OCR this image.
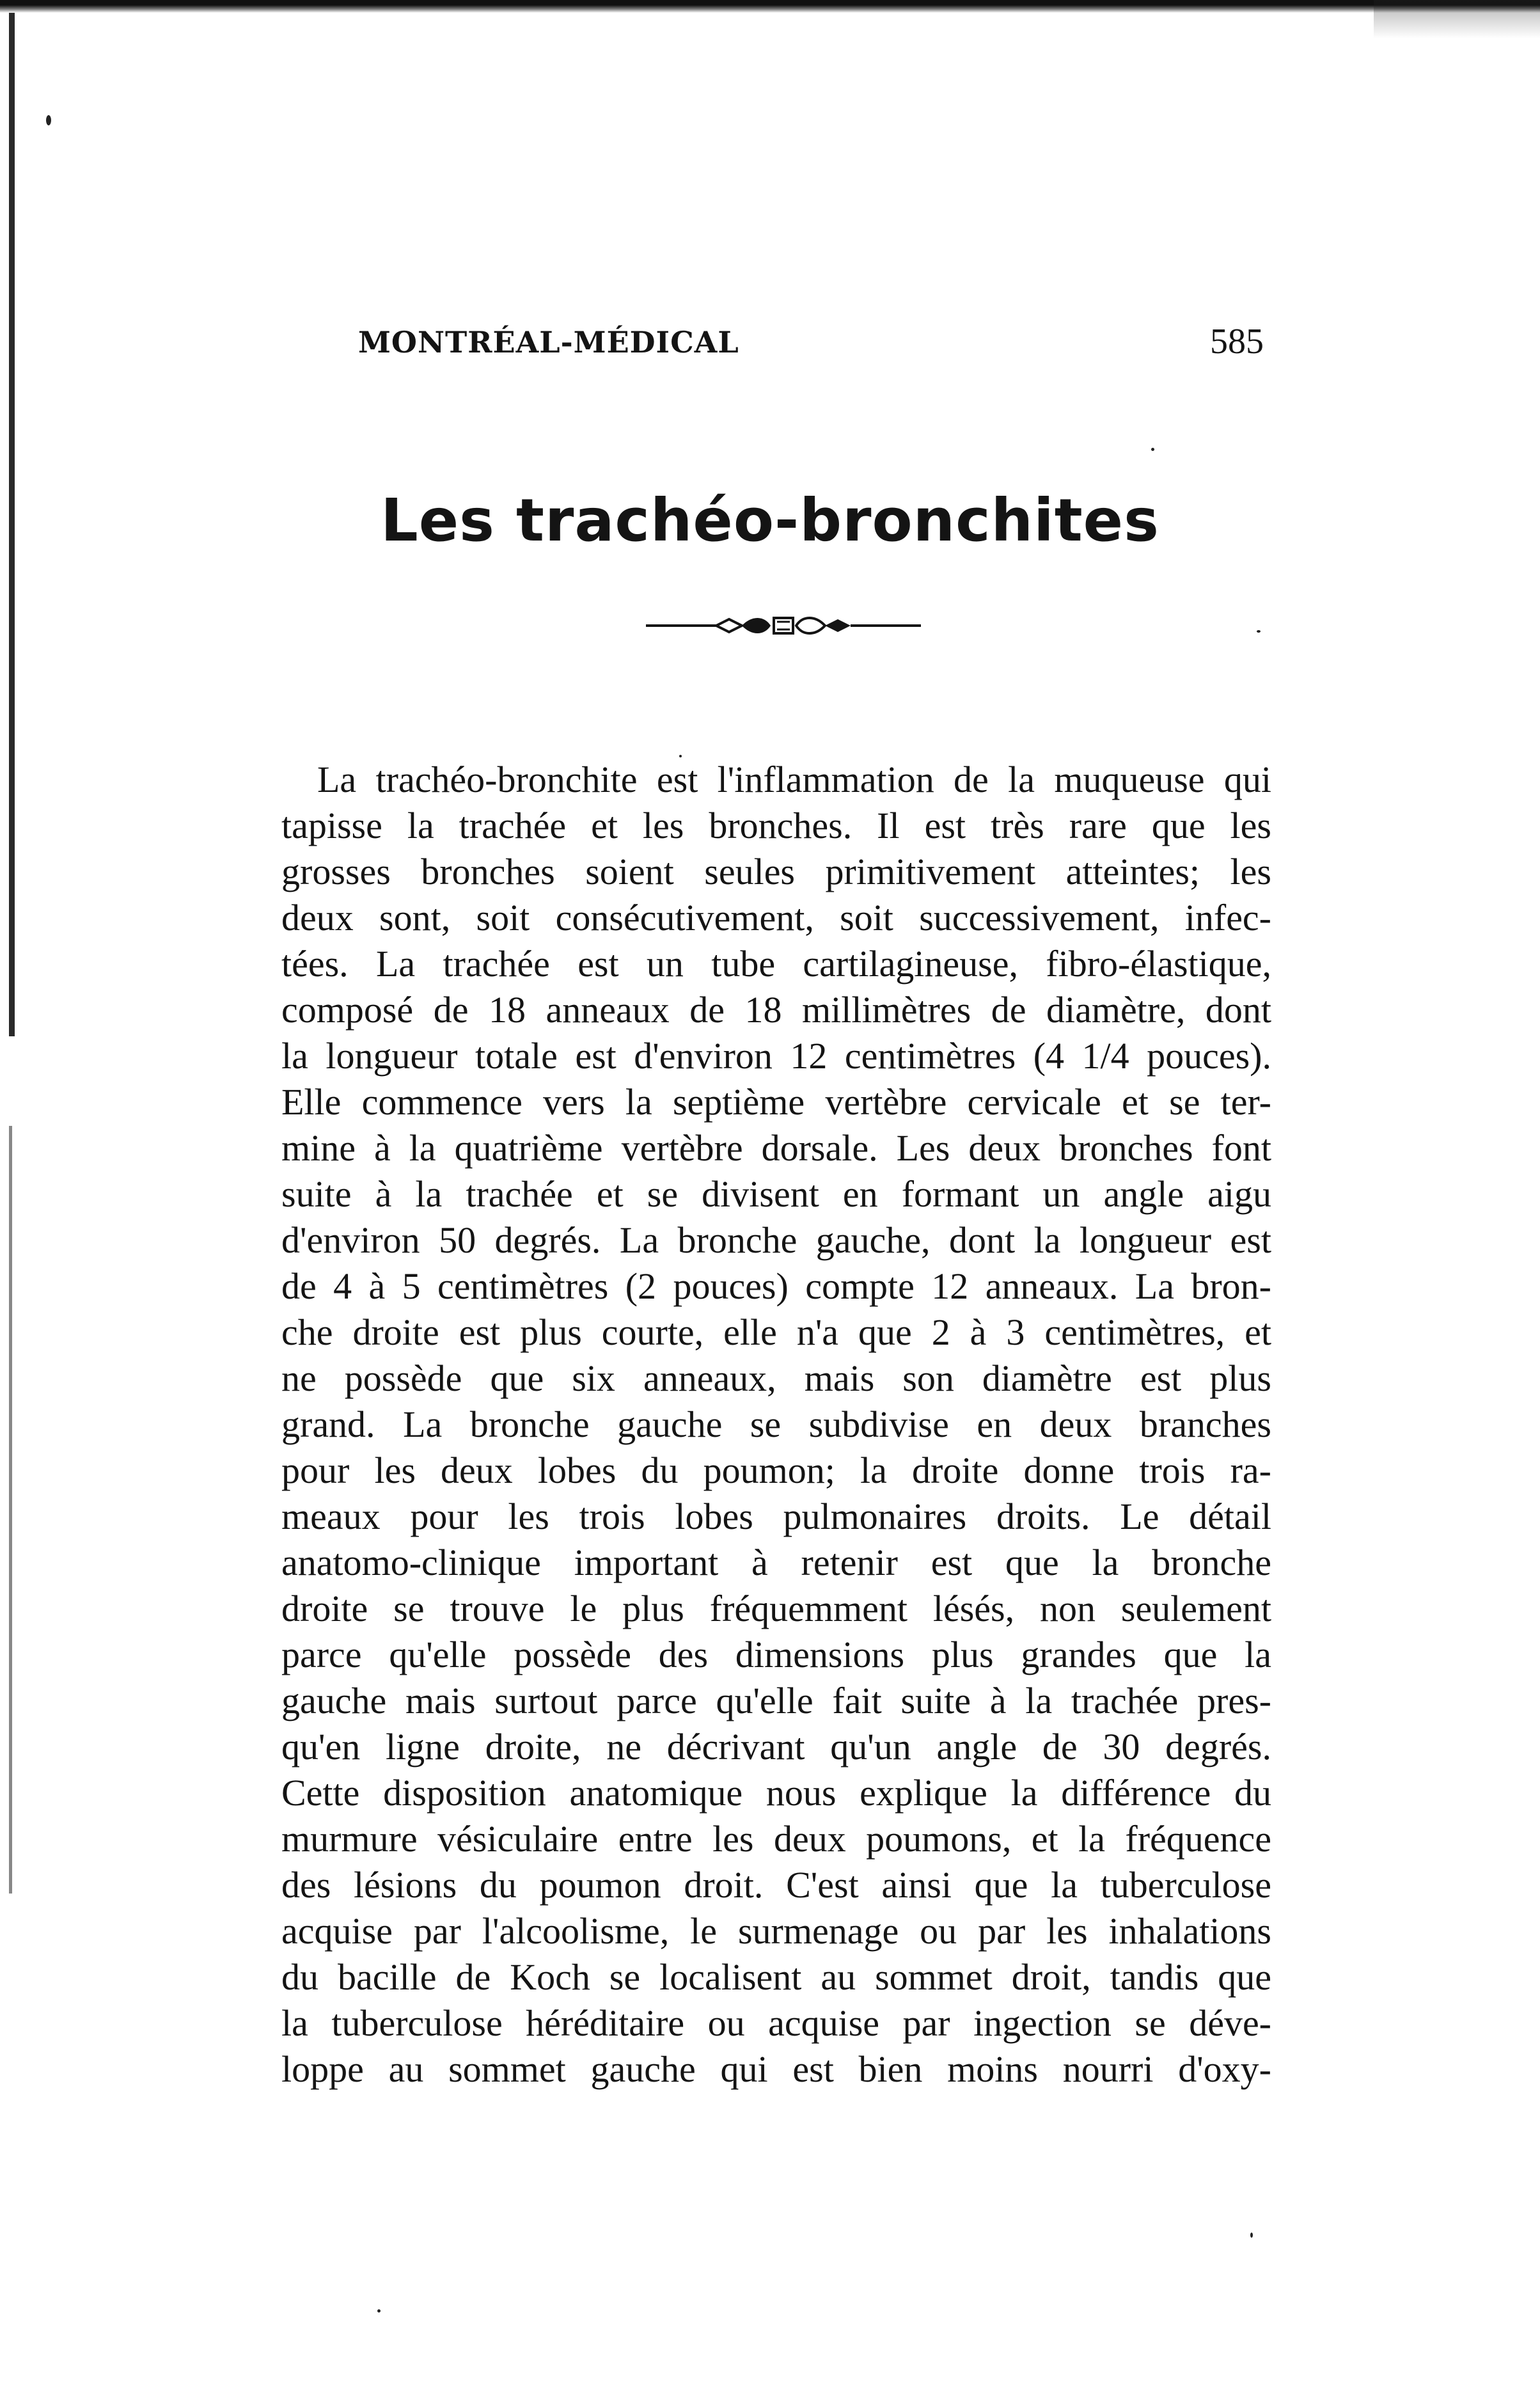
MONTRÉAL-MÉDICAL	585
Les trachéo-bronchites
La trachéo-bronchite est l'inflammation de la muqueuse qui
tapisse la trachée et les bronches. Il est très rare que les
grosses bronches soient seules primitivement atteintes; les
deux sont, soit consécutivement, soit successivement, infec-
tées. La trachée est un tube cartilagineuse, fibro-élastique,
composé de 18 anneaux de 18 millimètres de diamètre, dont
la longueur totale est d'environ 12 centimètres (4 1/4 pouces).
Elle commence vers la septième vertèbre cervicale et se ter-
mine à la quatrième vertèbre dorsale. Les deux bronches font
suite à la trachée et se divisent en formant un angle aigu
d'environ 50 degrés. La bronche gauche, dont la longueur est
de 4 à 5 centimètres (2 pouces) compte 12 anneaux. La bron-
che droite est plus courte, elle n'a que 2 à 3 centimètres, et
ne possède que six anneaux, mais son diamètre est plus
grand. La bronche gauche se subdivise en deux branches
pour les deux lobes du poumon; la droite donne trois ra-
meaux pour les trois lobes pulmonaires droits. Le détail
anatomo-clinique important à retenir est que la bronche
droite se trouve le plus fréquemment lésés, non seulement
parce qu'elle possède des dimensions plus grandes que la
gauche mais surtout parce qu'elle fait suite à la trachée pres-
qu'en ligne droite, ne décrivant qu'un angle de 30 degrés.
Cette disposition anatomique nous explique la différence du
murmure vésiculaire entre les deux poumons, et la fréquence
des lésions du poumon droit. C'est ainsi que la tuberculose
acquise par l'alcoolisme, le surmenage ou par les inhalations
du bacille de Koch se localisent au sommet droit, tandis que
la tuberculose héréditaire ou acquise par ingection se déve-
loppe au sommet gauche qui est bien moins nourri d'oxy-
